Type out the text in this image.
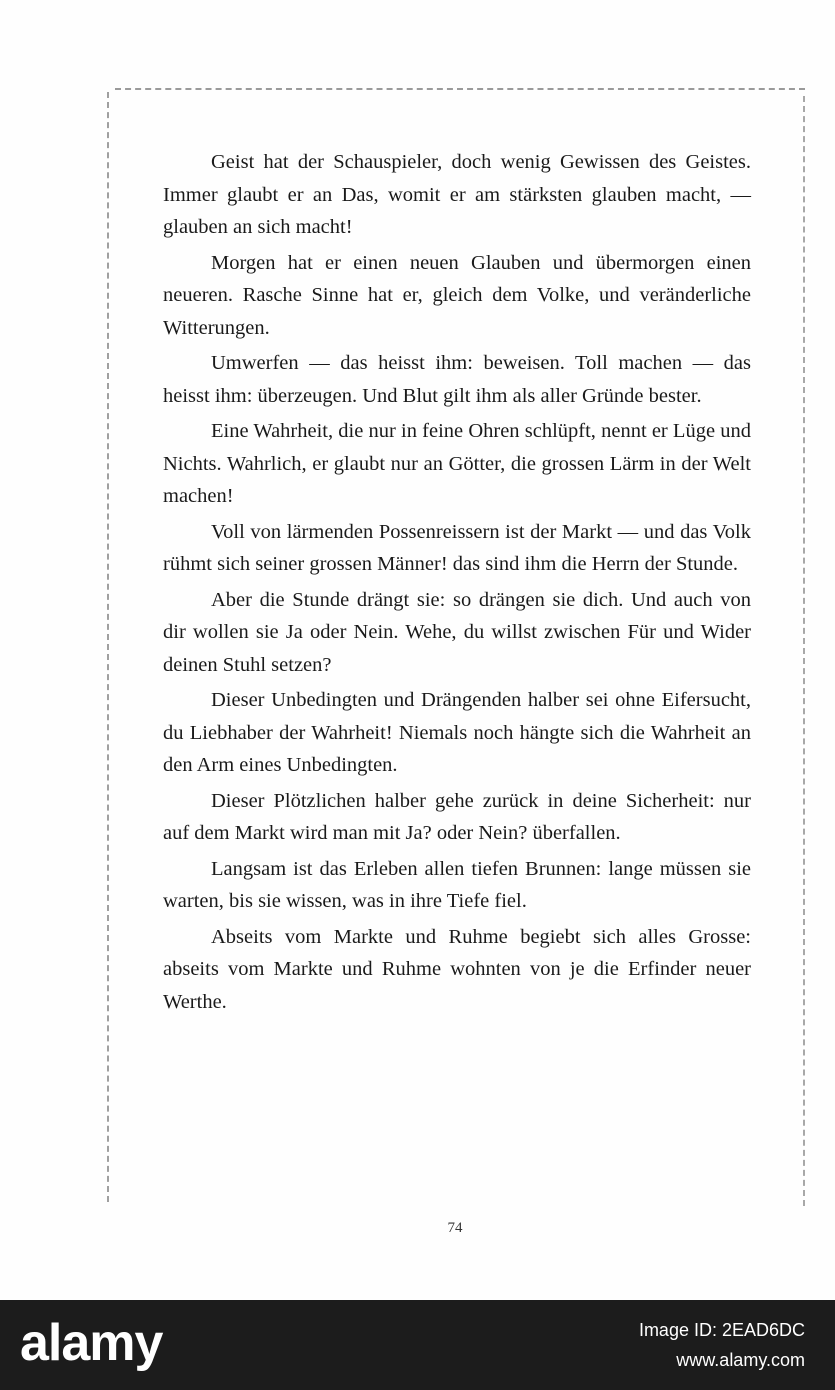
Geist hat der Schauspieler, doch wenig Gewissen des Geistes. Immer glaubt er an Das, womit er am stärksten glauben macht, — glauben an sich macht!

Morgen hat er einen neuen Glauben und übermorgen einen neueren. Rasche Sinne hat er, gleich dem Volke, und veränderliche Witterungen.

Umwerfen — das heisst ihm: beweisen. Toll machen — das heisst ihm: überzeugen. Und Blut gilt ihm als aller Gründe bester.

Eine Wahrheit, die nur in feine Ohren schlüpft, nennt er Lüge und Nichts. Wahrlich, er glaubt nur an Götter, die grossen Lärm in der Welt machen!

Voll von lärmenden Possenreissern ist der Markt — und das Volk rühmt sich seiner grossen Männer! das sind ihm die Herrn der Stunde.

Aber die Stunde drängt sie: so drängen sie dich. Und auch von dir wollen sie Ja oder Nein. Wehe, du willst zwischen Für und Wider deinen Stuhl setzen?

Dieser Unbedingten und Drängenden halber sei ohne Eifersucht, du Liebhaber der Wahrheit! Niemals noch hängte sich die Wahrheit an den Arm eines Unbedingten.

Dieser Plötzlichen halber gehe zurück in deine Sicherheit: nur auf dem Markt wird man mit Ja? oder Nein? überfallen.

Langsam ist das Erleben allen tiefen Brunnen: lange müssen sie warten, bis sie wissen, was in ihre Tiefe fiel.

Abseits vom Markte und Ruhme begiebt sich alles Grosse: abseits vom Markte und Ruhme wohnten von je die Erfinder neuer Werthe.

74
alamy	Image ID: 2EAD6DC
www.alamy.com
